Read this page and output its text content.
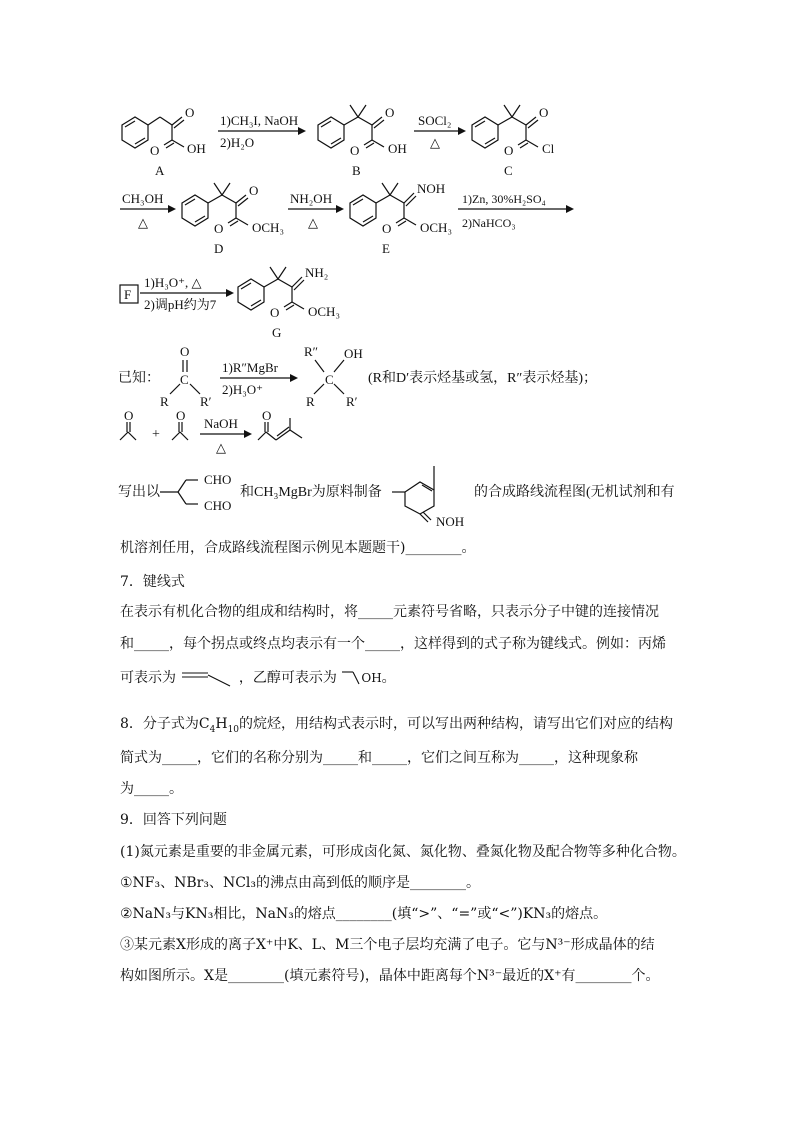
O
O OH
A
1)CH₃I, NaOH
2)H₂O
O
O OH
B
SOCl₂
△
O
O Cl
C
CH₃OH
△
O
O OCH₃
D
NH₂OH
△
NOH
O OCH₃
E
1)Zn, 30%H₂SO₄
2)NaHCO₃
F
1)H₃O⁺, △
2)调pH约为7
NH₂
O OCH₃
G
已知：
O
C
R R′
1)R″MgBr
2)H₃O⁺
R″ OH
C
R R′
(R和D′表示烃基或氢，R″表示烃基)；
O
+
O
NaOH
△
O
写出以
CHO
CHO
和CH₃MgBr为原料制备
NOH
的合成路线流程图(无机试剂和有
机溶剂任用，合成路线流程图示例见本题题干)________。
7．键线式
在表示有机化合物的组成和结构时，将_____元素符号省略，只表示分子中键的连接情况
和_____，每个拐点或终点均表示有一个_____，这样得到的式子称为键线式。例如：丙烯
可表示为	，乙醇可表示为 OH。
8．分子式为$C_4H_{10}$的烷烃，用结构式表示时，可以写出两种结构，请写出它们对应的结构
简式为_____，它们的名称分别为_____和_____，它们之间互称为_____，这种现象称
为_____。
9．回答下列问题
(1)氮元素是重要的非金属元素，可形成卤化氮、氮化物、叠氮化物及配合物等多种化合物。
①NF₃、NBr₃、NCl₃的沸点由高到低的顺序是________。
②NaN₃与KN₃相比，NaN₃的熔点________(填“>”、“=”或“<”)KN₃的熔点。
③某元素X形成的离子X⁺中K、L、M三个电子层均充满了电子。它与N³⁻形成晶体的结
构如图所示。X是________(填元素符号)，晶体中距离每个N³⁻最近的X⁺有________个。
